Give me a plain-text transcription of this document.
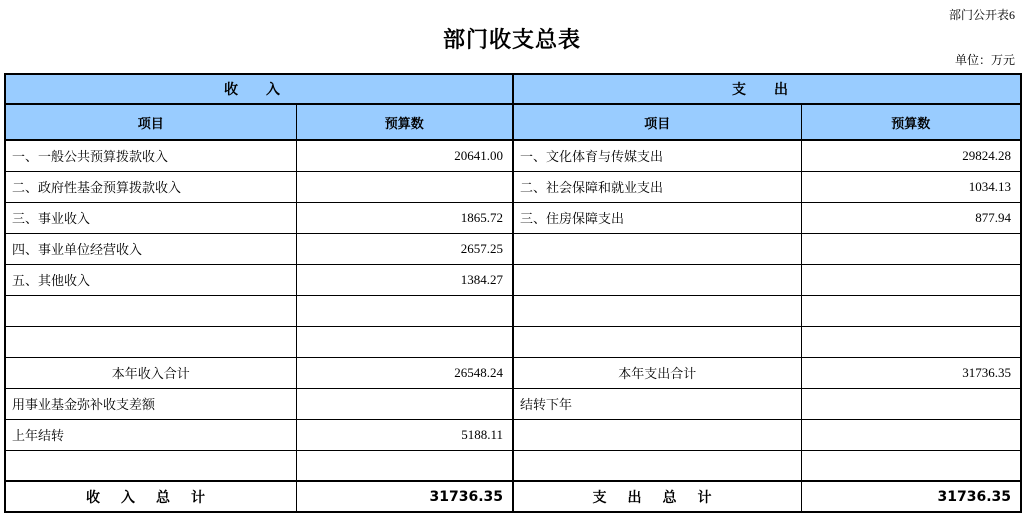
部门公开表6
部门收支总表
单位：万元
收入		支出	
项目	预算数	项目	预算数
一、一般公共预算拨款收入	20641.00	一、文化体育与传媒支出	29824.28
二、政府性基金预算拨款收入		二、社会保障和就业支出	1034.13
三、事业收入	1865.72	三、住房保障支出	877.94
四、事业单位经营收入	2657.25		
五、其他收入	1384.27		

本年收入合计	26548.24	本年支出合计	31736.35
用事业基金弥补收支差额		结转下年	
上年结转	5188.11		

收入总计	31736.35	支出总计	31736.35
